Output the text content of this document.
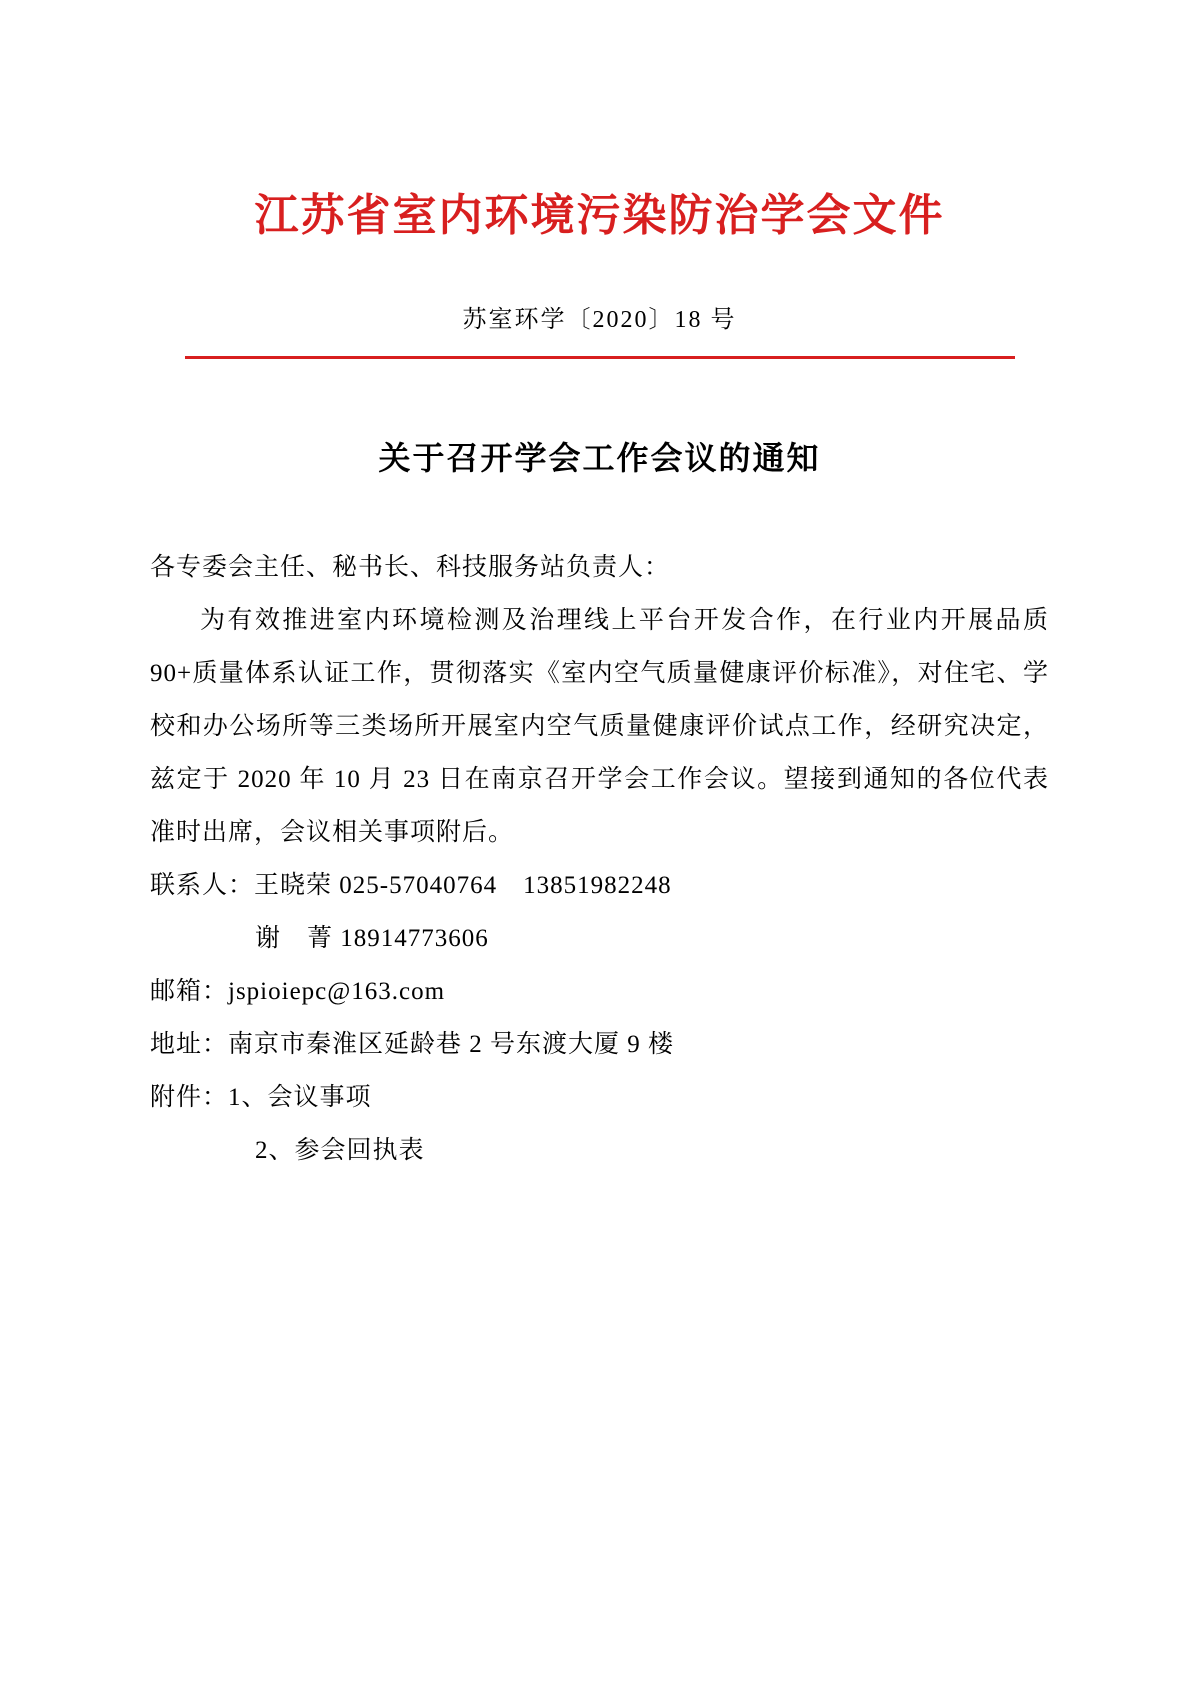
江苏省室内环境污染防治学会文件

苏室环学〔2020〕18 号

关于召开学会工作会议的通知

各专委会主任、秘书长、科技服务站负责人：

为有效推进室内环境检测及治理线上平台开发合作，在行业内开展品质 90+质量体系认证工作，贯彻落实《室内空气质量健康评价标准》，对住宅、学校和办公场所等三类场所开展室内空气质量健康评价试点工作，经研究决定，兹定于 2020 年 10 月 23 日在南京召开学会工作会议。望接到通知的各位代表准时出席，会议相关事项附后。

联系人：王晓荣 025-57040764　13851982248

谢　菁 18914773606

邮箱：jspioiepc@163.com

地址：南京市秦淮区延龄巷 2 号东渡大厦 9 楼

附件：1、会议事项

2、参会回执表
